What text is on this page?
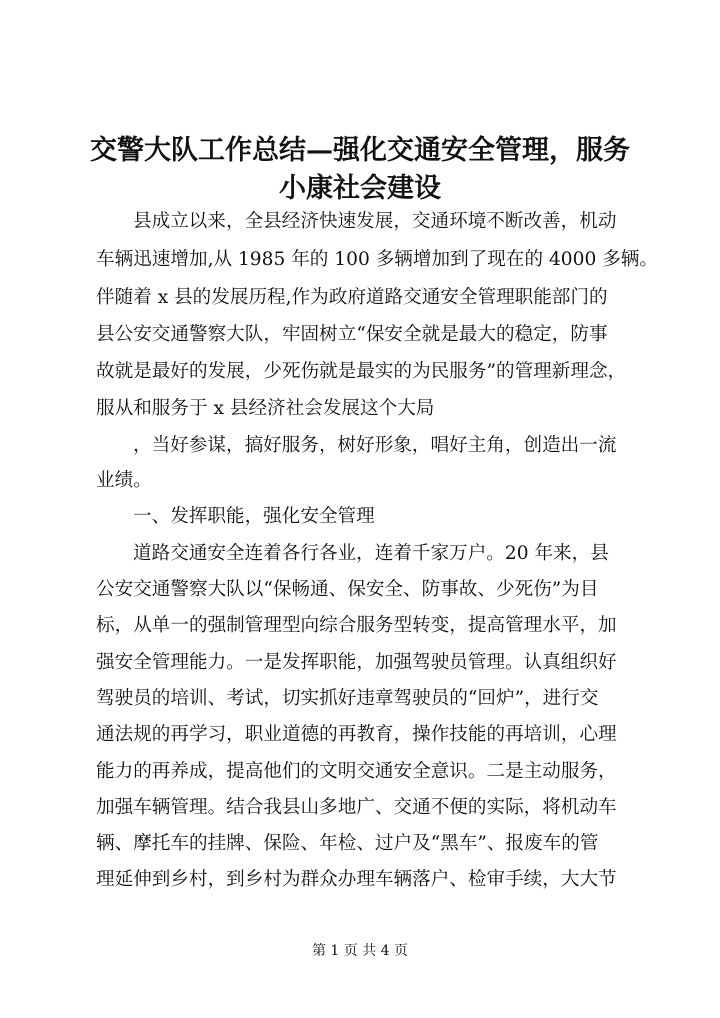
交警大队工作总结—强化交通安全管理，服务
小康社会建设

县成立以来，全县经济快速发展，交通环境不断改善，机动

车辆迅速增加,从 1985 年的 100 多辆增加到了现在的 4000 多辆。

伴随着 x 县的发展历程,作为政府道路交通安全管理职能部门的

县公安交通警察大队，牢固树立“保安全就是最大的稳定，防事

故就是最好的发展，少死伤就是最实的为民服务”的管理新理念，

服从和服务于 x 县经济社会发展这个大局

，当好参谋，搞好服务，树好形象，唱好主角，创造出一流

业绩。

一、发挥职能，强化安全管理

道路交通安全连着各行各业，连着千家万户。20 年来，县

公安交通警察大队以“保畅通、保安全、防事故、少死伤”为目

标，从单一的强制管理型向综合服务型转变，提高管理水平，加

强安全管理能力。一是发挥职能，加强驾驶员管理。认真组织好

驾驶员的培训、考试，切实抓好违章驾驶员的“回炉”，进行交

通法规的再学习，职业道德的再教育，操作技能的再培训，心理

能力的再养成，提高他们的文明交通安全意识。二是主动服务，

加强车辆管理。结合我县山多地广、交通不便的实际，将机动车

辆、摩托车的挂牌、保险、年检、过户及“黑车”、报废车的管

理延伸到乡村，到乡村为群众办理车辆落户、检审手续，大大节

第 1 页 共 4 页
